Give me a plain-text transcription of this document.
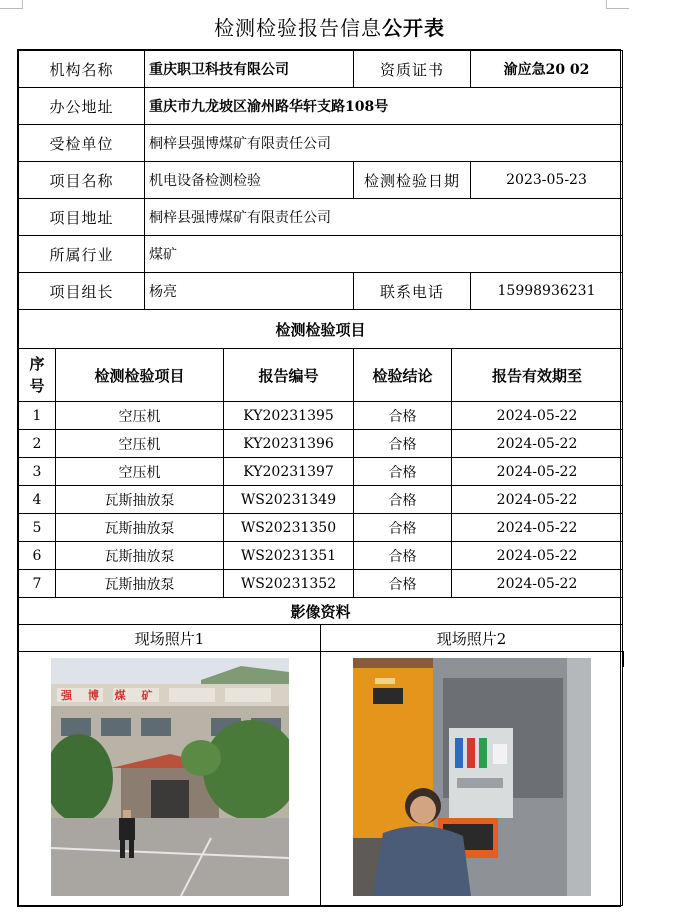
检测检验报告信息公开表
机构名称	重庆职卫科技有限公司	资质证书	渝应急20 02
办公地址	重庆市九龙坡区渝州路华轩支路108号		
受检单位	桐梓县强博煤矿有限责任公司		
项目名称	机电设备检测检验	检测检验日期	2023-05-23
项目地址	桐梓县强博煤矿有限责任公司		
所属行业	煤矿		
项目组长	杨亮	联系电话	15998936231
检测检验项目				
序号	检测检验项目	报告编号	检验结论	报告有效期至
1	空压机	KY20231395	合格	2024-05-22
2	空压机	KY20231396	合格	2024-05-22
3	空压机	KY20231397	合格	2024-05-22
4	瓦斯抽放泵	WS20231349	合格	2024-05-22
5	瓦斯抽放泵	WS20231350	合格	2024-05-22
6	瓦斯抽放泵	WS20231351	合格	2024-05-22
7	瓦斯抽放泵	WS20231352	合格	2024-05-22
影像资料	
现场照片1	现场照片2

强 博 煤 矿
